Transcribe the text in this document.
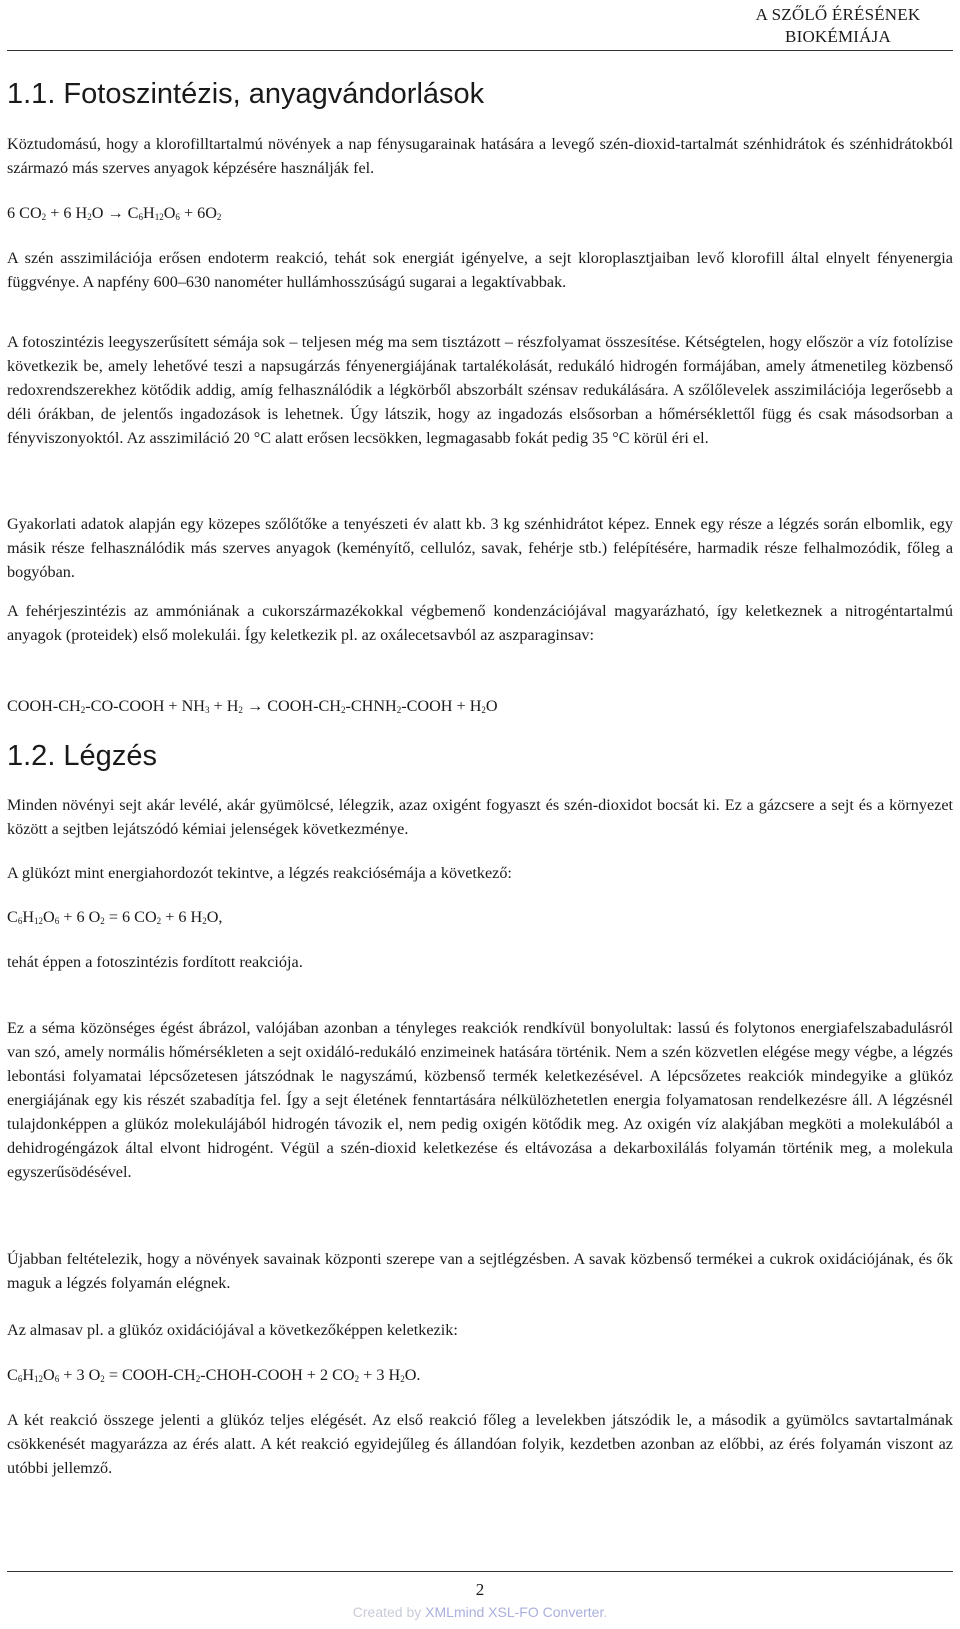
A SZŐLŐ ÉRÉSÉNEK
BIOKÉMIÁJA
1.1. Fotoszintézis, anyagvándorlások

Köztudomású, hogy a klorofilltartalmú növények a nap fénysugarainak hatására a levegő szén-dioxid-tartalmát szénhidrátok és szénhidrátokból származó más szerves anyagok képzésére használják fel.

6 $CO_2 + 6$ $H_2O \to C_6H_{12}O_6 + 6O_2$

A szén asszimilációja erősen endoterm reakció, tehát sok energiát igényelve, a sejt kloroplasztjaiban levő klorofill által elnyelt fényenergia függvénye. A napfény 600–630 nanométer hullámhosszúságú sugarai a legaktívabbak.

A fotoszintézis leegyszerűsített sémája sok – teljesen még ma sem tisztázott – részfolyamat összesítése. Kétségtelen, hogy először a víz fotolízise következik be, amely lehetővé teszi a napsugárzás fényenergiájának tartalékolását, redukáló hidrogén formájában, amely átmenetileg közbenső redoxrendszerekhez kötődik addig, amíg felhasználódik a légkörből abszorbált szénsav redukálására. A szőlőlevelek asszimilációja legerősebb a déli órákban, de jelentős ingadozások is lehetnek. Úgy látszik, hogy az ingadozás elsősorban a hőmérséklettől függ és csak másodsorban a fényviszonyoktól. Az asszimiláció 20 °C alatt erősen lecsökken, legmagasabb fokát pedig 35 °C körül éri el.

Gyakorlati adatok alapján egy közepes szőlőtőke a tenyészeti év alatt kb. 3 kg szénhidrátot képez. Ennek egy része a légzés során elbomlik, egy másik része felhasználódik más szerves anyagok (keményítő, cellulóz, savak, fehérje stb.) felépítésére, harmadik része felhalmozódik, főleg a bogyóban.

A fehérjeszintézis az ammóniának a cukorszármazékokkal végbemenő kondenzációjával magyarázható, így keletkeznek a nitrogéntartalmú anyagok (proteidek) első molekulái. Így keletkezik pl. az oxálecetsavból az aszparaginsav:

COOH-$CH_2-CO$-COOH + $NH_3 + H_2$ → COOH-$CH_2-CHNH_2$-COOH + $H_2O$

1.2. Légzés

Minden növényi sejt akár levélé, akár gyümölcsé, lélegzik, azaz oxigént fogyaszt és szén-dioxidot bocsát ki. Ez a gázcsere a sejt és a környezet között a sejtben lejátszódó kémiai jelenségek következménye.

A glükózt mint energiahordozót tekintve, a légzés reakciósémája a következő:

$C_6H_{12}O_6 + 6$ $O_2 = 6$ $CO_2 + 6$ $H_2O$,

tehát éppen a fotoszintézis fordított reakciója.

Ez a séma közönséges égést ábrázol, valójában azonban a tényleges reakciók rendkívül bonyolultak: lassú és folytonos energiafelszabadulásról van szó, amely normális hőmérsékleten a sejt oxidáló-redukáló enzimeinek hatására történik. Nem a szén közvetlen elégése megy végbe, a légzés lebontási folyamatai lépcsőzetesen játszódnak le nagyszámú, közbenső termék keletkezésével. A lépcsőzetes reakciók mindegyike a glükóz energiájának egy kis részét szabadítja fel. Így a sejt életének fenntartására nélkülözhetetlen energia folyamatosan rendelkezésre áll. A légzésnél tulajdonképpen a glükóz molekulájából hidrogén távozik el, nem pedig oxigén kötődik meg. Az oxigén víz alakjában megköti a molekulából a dehidrogéngázok által elvont hidrogént. Végül a szén-dioxid keletkezése és eltávozása a dekarboxilálás folyamán történik meg, a molekula egyszerűsödésével.

Újabban feltételezik, hogy a növények savainak központi szerepe van a sejtlégzésben. A savak közbenső termékei a cukrok oxidációjának, és ők maguk a légzés folyamán elégnek.

Az almasav pl. a glükóz oxidációjával a következőképpen keletkezik:

$C_6H_{12}O_6 + 3$ $O_2$ = COOH-$CH_2-CHOH$-COOH + 2 $CO_2 + 3$ $H_2O$.

A két reakció összege jelenti a glükóz teljes elégését. Az első reakció főleg a levelekben játszódik le, a második a gyümölcs savtartalmának csökkenését magyarázza az érés alatt. A két reakció egyidejűleg és állandóan folyik, kezdetben azonban az előbbi, az érés folyamán viszont az utóbbi jellemző.

2
Created by XMLmind XSL-FO Converter.
